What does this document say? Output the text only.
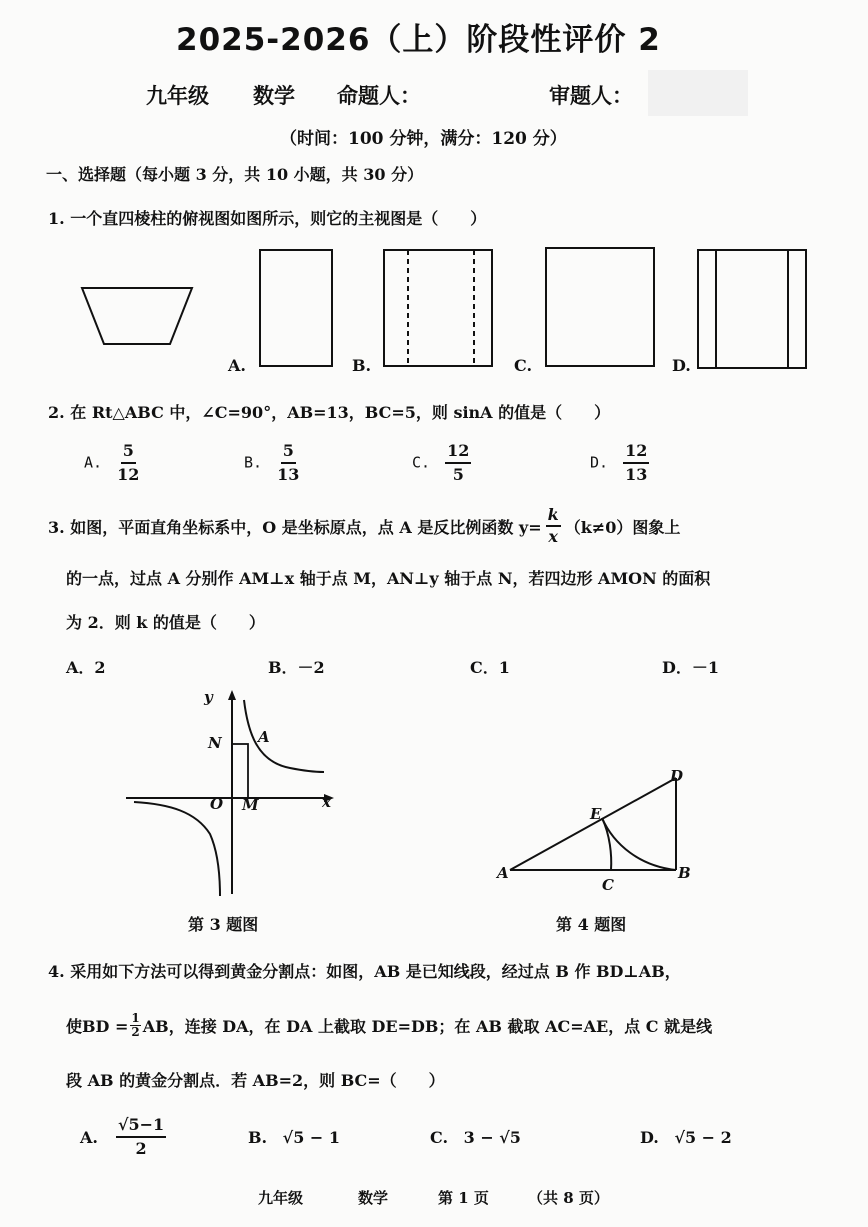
2025-2026（上）阶段性评价 2
九年级 数学 命题人：	审题人：
（时间：100 分钟，满分：120 分）
一、选择题（每小题 3 分，共 10 小题，共 30 分）
1. 一个直四棱柱的俯视图如图所示，则它的主视图是（　　）
A.	B.	C.	D.
2. 在 Rt△ABC 中，∠C=90°，AB=13，BC=5，则 sinA 的值是（　　）
A. $\frac{5}{12}$	B. $\frac{5}{13}$	C. $\frac{12}{5}$	D. $\frac{12}{13}$
3. 如图，平面直角坐标系中，O 是坐标原点，点 A 是反比例函数 $y= \frac{k}{x} (k\ne 0)$图象上
的一点，过点 A 分别作 AM⊥x 轴于点 M，AN⊥y 轴于点 N，若四边形 AMON 的面积
为 2．则 k 的值是（　　）
A．2	B．－2	C．1	D．－1
y
N A
O M	x
第 3 题图
D
E
A
C
B
第 4 题图
4. 采用如下方法可以得到黄金分割点：如图，AB 是已知线段，经过点 B 作 BD⊥AB，
使BD = $\frac{1}{2}$ AB，连接 DA，在 DA 上截取 DE=DB；在 AB 截取 AC=AE，点 C 就是线
段 AB 的黄金分割点．若 AB=2，则 BC=（　　）
A. $\frac{√5-1}{2}$	B. √5 − 1	C. 3 − √5	D. √5 − 2
九年级	数学	第 1 页	（共 8 页）
